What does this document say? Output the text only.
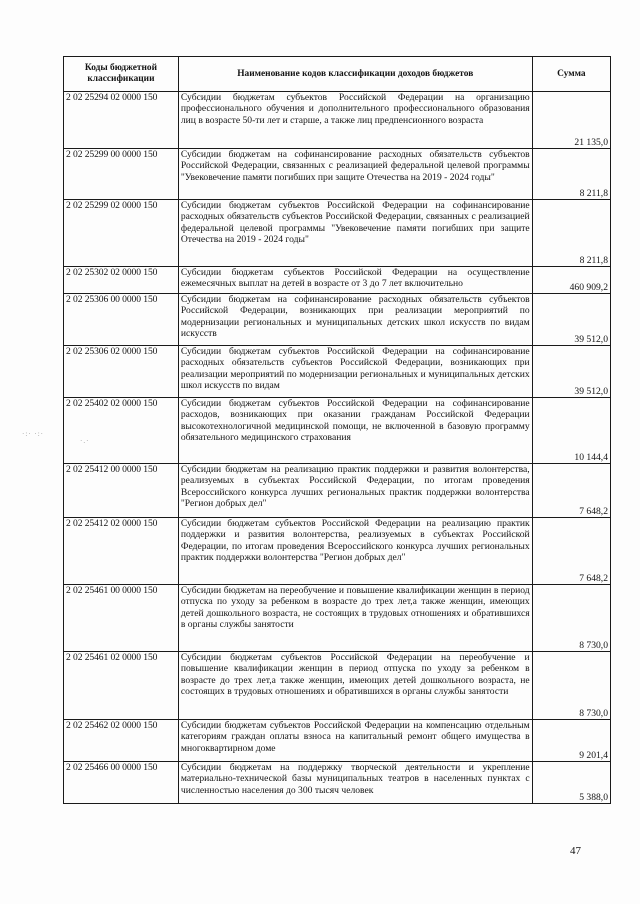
·:· ·:·
·.·
Коды бюджетной классификации	Наименование кодов классификации доходов бюджетов	Сумма
2 02 25294 02 0000 150	Субсидии бюджетам субъектов Российской Федерации на организацию профессионального обучения и дополнительного профессионального образования лиц в возрасте 50-ти лет и старше, а также лиц предпенсионного возраста	21 135,0
2 02 25299 00 0000 150	Субсидии бюджетам на софинансирование расходных обязательств субъектов Российской Федерации, связанных с реализацией федеральной целевой программы "Увековечение памяти погибших при защите Отечества на 2019 - 2024 годы"	8 211,8
2 02 25299 02 0000 150	Субсидии бюджетам субъектов Российской Федерации на софинансирование расходных обязательств субъектов Российской Федерации, связанных с реализацией федеральной целевой программы "Увековечение памяти погибших при защите Отечества на 2019 - 2024 годы"	8 211,8
2 02 25302 02 0000 150	Субсидии бюджетам субъектов Российской Федерации на осуществление ежемесячных выплат на детей в возрасте от 3 до 7 лет включительно	460 909,2
2 02 25306 00 0000 150	Субсидии бюджетам на софинансирование расходных обязательств субъектов Российской Федерации, возникающих при реализации мероприятий по модернизации региональных и муниципальных детских школ искусств по видам искусств	39 512,0
2 02 25306 02 0000 150	Субсидии бюджетам субъектов Российской Федерации на софинансирование расходных обязательств субъектов Российской Федерации, возникающих при реализации мероприятий по модернизации региональных и муниципальных детских школ искусств по видам	39 512,0
2 02 25402 02 0000 150	Субсидии бюджетам субъектов Российской Федерации на софинансирование расходов, возникающих при оказании гражданам Российской Федерации высокотехнологичной медицинской помощи, не включенной в базовую программу обязательного медицинского страхования	10 144,4
2 02 25412 00 0000 150	Субсидии бюджетам на реализацию практик поддержки и развития волонтерства, реализуемых в субъектах Российской Федерации, по итогам проведения Всероссийского конкурса лучших региональных практик поддержки волонтерства "Регион добрых дел"	7 648,2
2 02 25412 02 0000 150	Субсидии бюджетам субъектов Российской Федерации на реализацию практик поддержки и развития волонтерства, реализуемых в субъектах Российской Федерации, по итогам проведения Всероссийского конкурса лучших региональных практик поддержки волонтерства "Регион добрых дел"	7 648,2
2 02 25461 00 0000 150	Субсидии бюджетам на переобучение и повышение квалификации женщин в период отпуска по уходу за ребенком в возрасте до трех лет,а также женщин, имеющих детей дошкольного возраста, не состоящих в трудовых отношениях и обратившихся в органы службы занятости	8 730,0
2 02 25461 02 0000 150	Субсидии бюджетам субъектов Российской Федерации на переобучение и повышение квалификации женщин в период отпуска по уходу за ребенком в возрасте до трех лет,а также женщин, имеющих детей дошкольного возраста, не состоящих в трудовых отношениях и обратившихся в органы службы занятости	8 730,0
2 02 25462 02 0000 150	Субсидии бюджетам субъектов Российской Федерации на компенсацию отдельным категориям граждан оплаты взноса на капитальный ремонт общего имущества в многоквартирном доме	9 201,4
2 02 25466 00 0000 150	Субсидии бюджетам на поддержку творческой деятельности и укрепление материально-технической базы муниципальных театров в населенных пунктах с численностью населения до 300 тысяч человек	5 388,0
47
